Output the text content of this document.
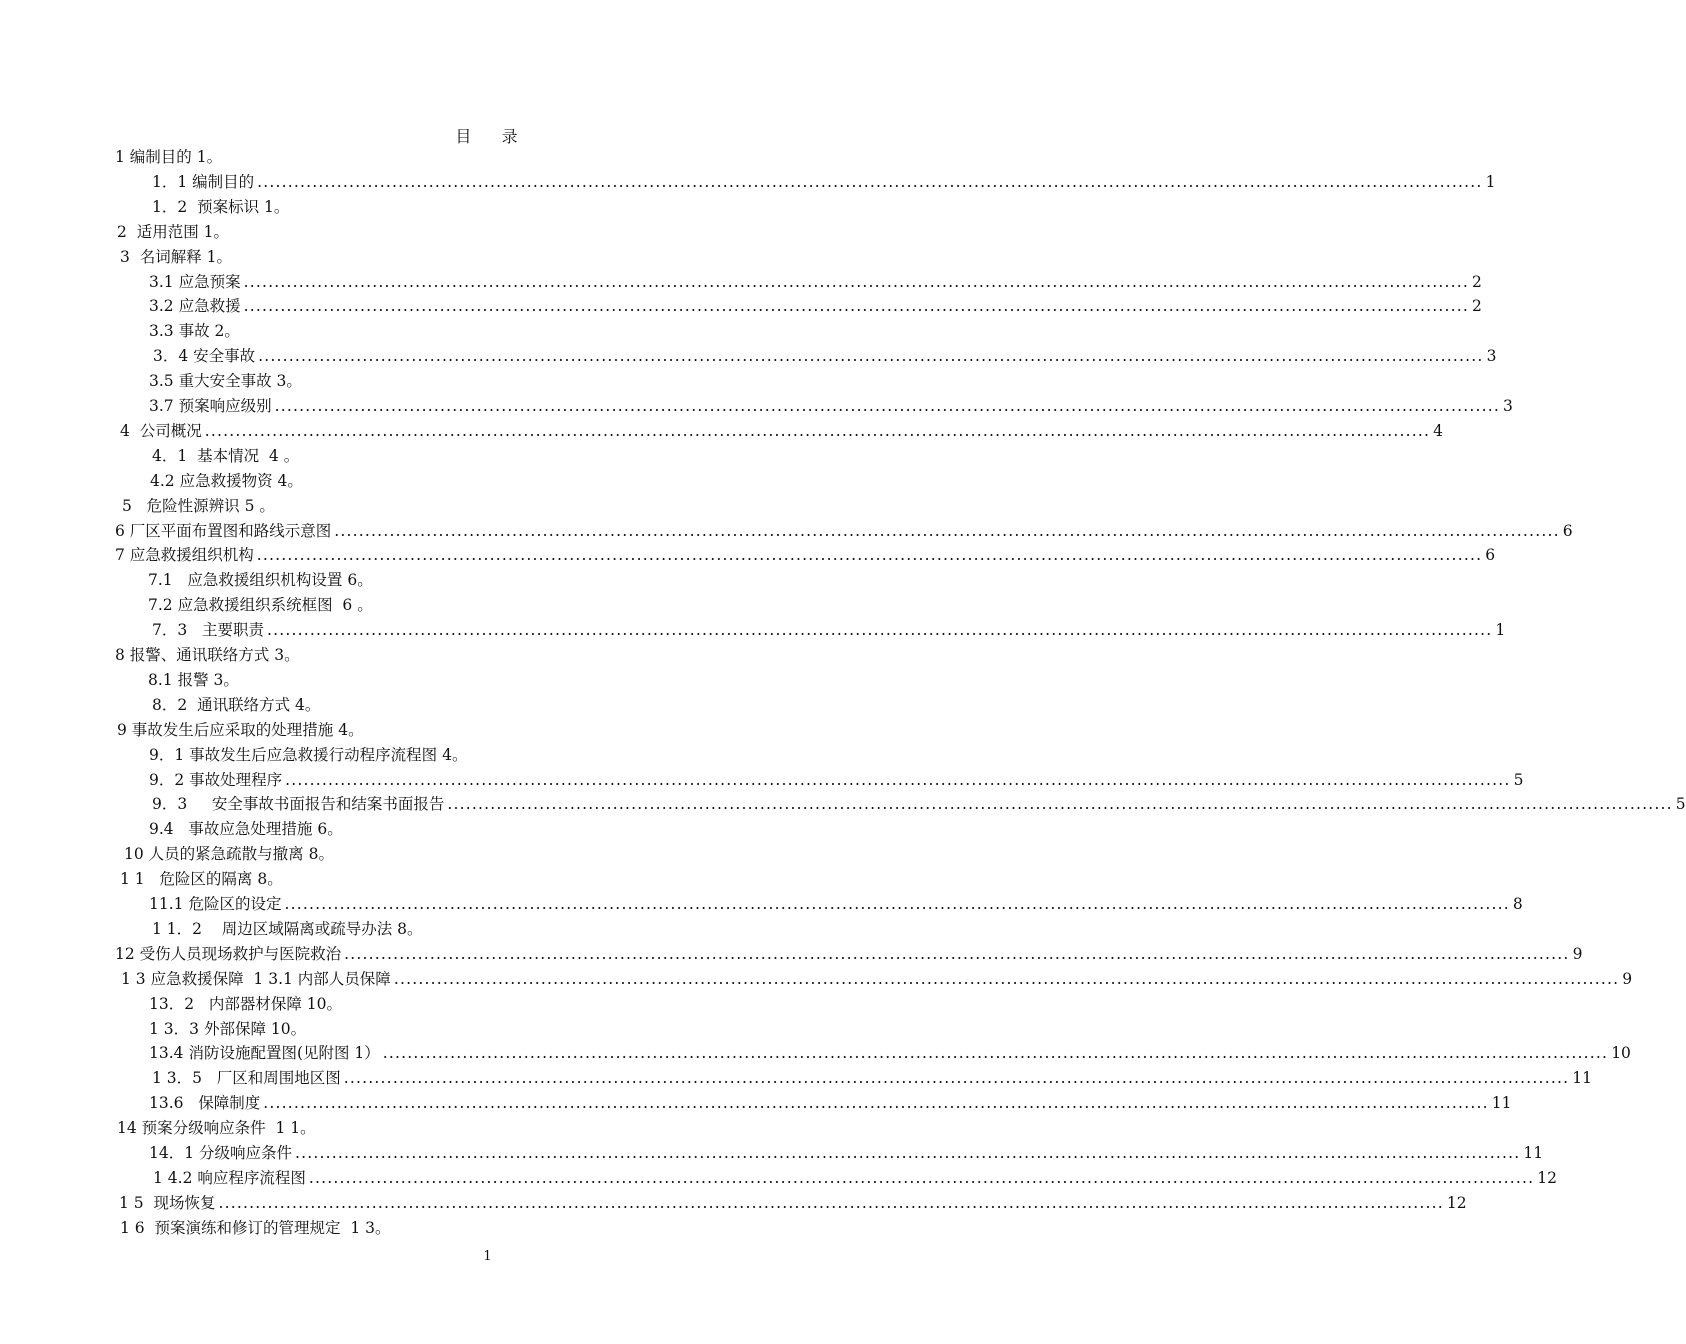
目    录
1 编制目的 1。
1．1 编制目的 ........................................................................................................................................................................................................ 1
1．2  预案标识 1。
2  适用范围 1。
3  名词解释 1。
3.1 应急预案 ........................................................................................................................................................................................................ 2
3.2 应急救援 ........................................................................................................................................................................................................ 2
3.3 事故 2。
3．4 安全事故 ........................................................................................................................................................................................................ 3
3.5 重大安全事故 3。
3.7 预案响应级别 ........................................................................................................................................................................................................ 3
4  公司概况 ........................................................................................................................................................................................................ 4
4．1  基本情况  4 。
4.2 应急救援物资 4。
5   危险性源辨识 5 。
6 厂区平面布置图和路线示意图 ........................................................................................................................................................................................................ 6
7 应急救援组织机构 ........................................................................................................................................................................................................ 6
7.1   应急救援组织机构设置 6。
7.2 应急救援组织系统框图  6 。
7．3   主要职责 ........................................................................................................................................................................................................ 1
8 报警、通讯联络方式 3。
8.1 报警 3。
8．2  通讯联络方式 4。
9 事故发生后应采取的处理措施 4。
9．1 事故发生后应急救援行动程序流程图 4。
9．2 事故处理程序 ........................................................................................................................................................................................................ 5
9．3     安全事故书面报告和结案书面报告 ........................................................................................................................................................................................................ 5
9.4   事故应急处理措施 6。
10 人员的紧急疏散与撤离 8。
1 1   危险区的隔离 8。
11.1 危险区的设定 ........................................................................................................................................................................................................ 8
1 1．2    周边区域隔离或疏导办法 8。
12 受伤人员现场救护与医院救治 ........................................................................................................................................................................................................ 9
1 3 应急救援保障  1 3.1 内部人员保障 ........................................................................................................................................................................................................ 9
13．2   内部器材保障 10。
1 3．3 外部保障 10。
13.4 消防设施配置图(见附图 1） ........................................................................................................................................................................................................ 10
1 3．5   厂区和周围地区图 ........................................................................................................................................................................................................ 11
13.6   保障制度 ........................................................................................................................................................................................................ 11
14 预案分级响应条件  1 1。
14．1 分级响应条件 ........................................................................................................................................................................................................ 11
1 4.2 响应程序流程图 ........................................................................................................................................................................................................ 12
1 5  现场恢复 ........................................................................................................................................................................................................ 12
1 6  预案演练和修订的管理规定  1 3。
1
